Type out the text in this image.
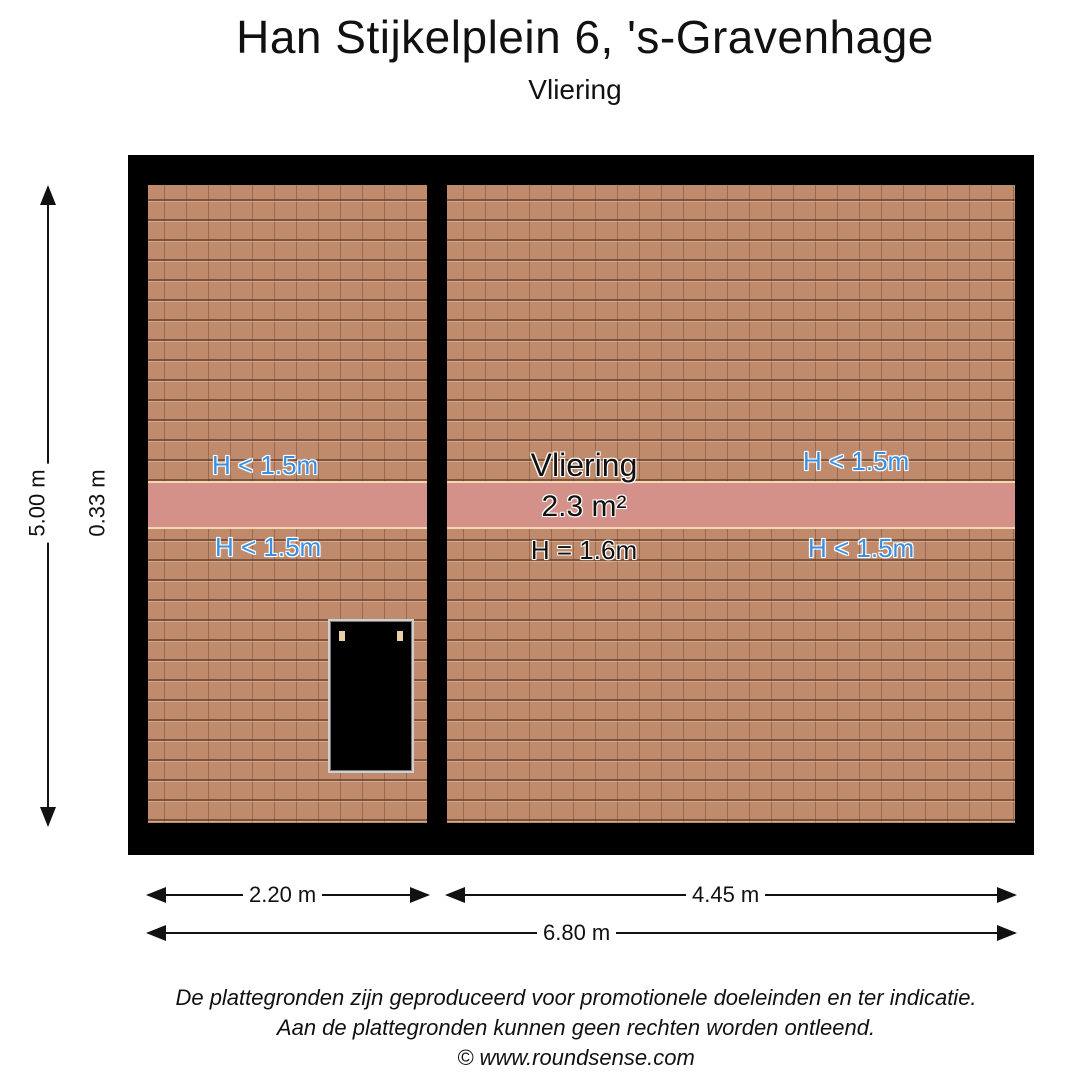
Han Stijkelplein 6, 's-Gravenhage
Vliering
H < 1.5m	H < 1.5m
H < 1.5m	H < 1.5m
Vliering
2.3 m²
H = 1.6m
2.20 m	4.45 m
6.80 m
5.00 m 0.33 m
De plattegronden zijn geproduceerd voor promotionele doeleinden en ter indicatie.
Aan de plattegronden kunnen geen rechten worden ontleend.
© www.roundsense.com
